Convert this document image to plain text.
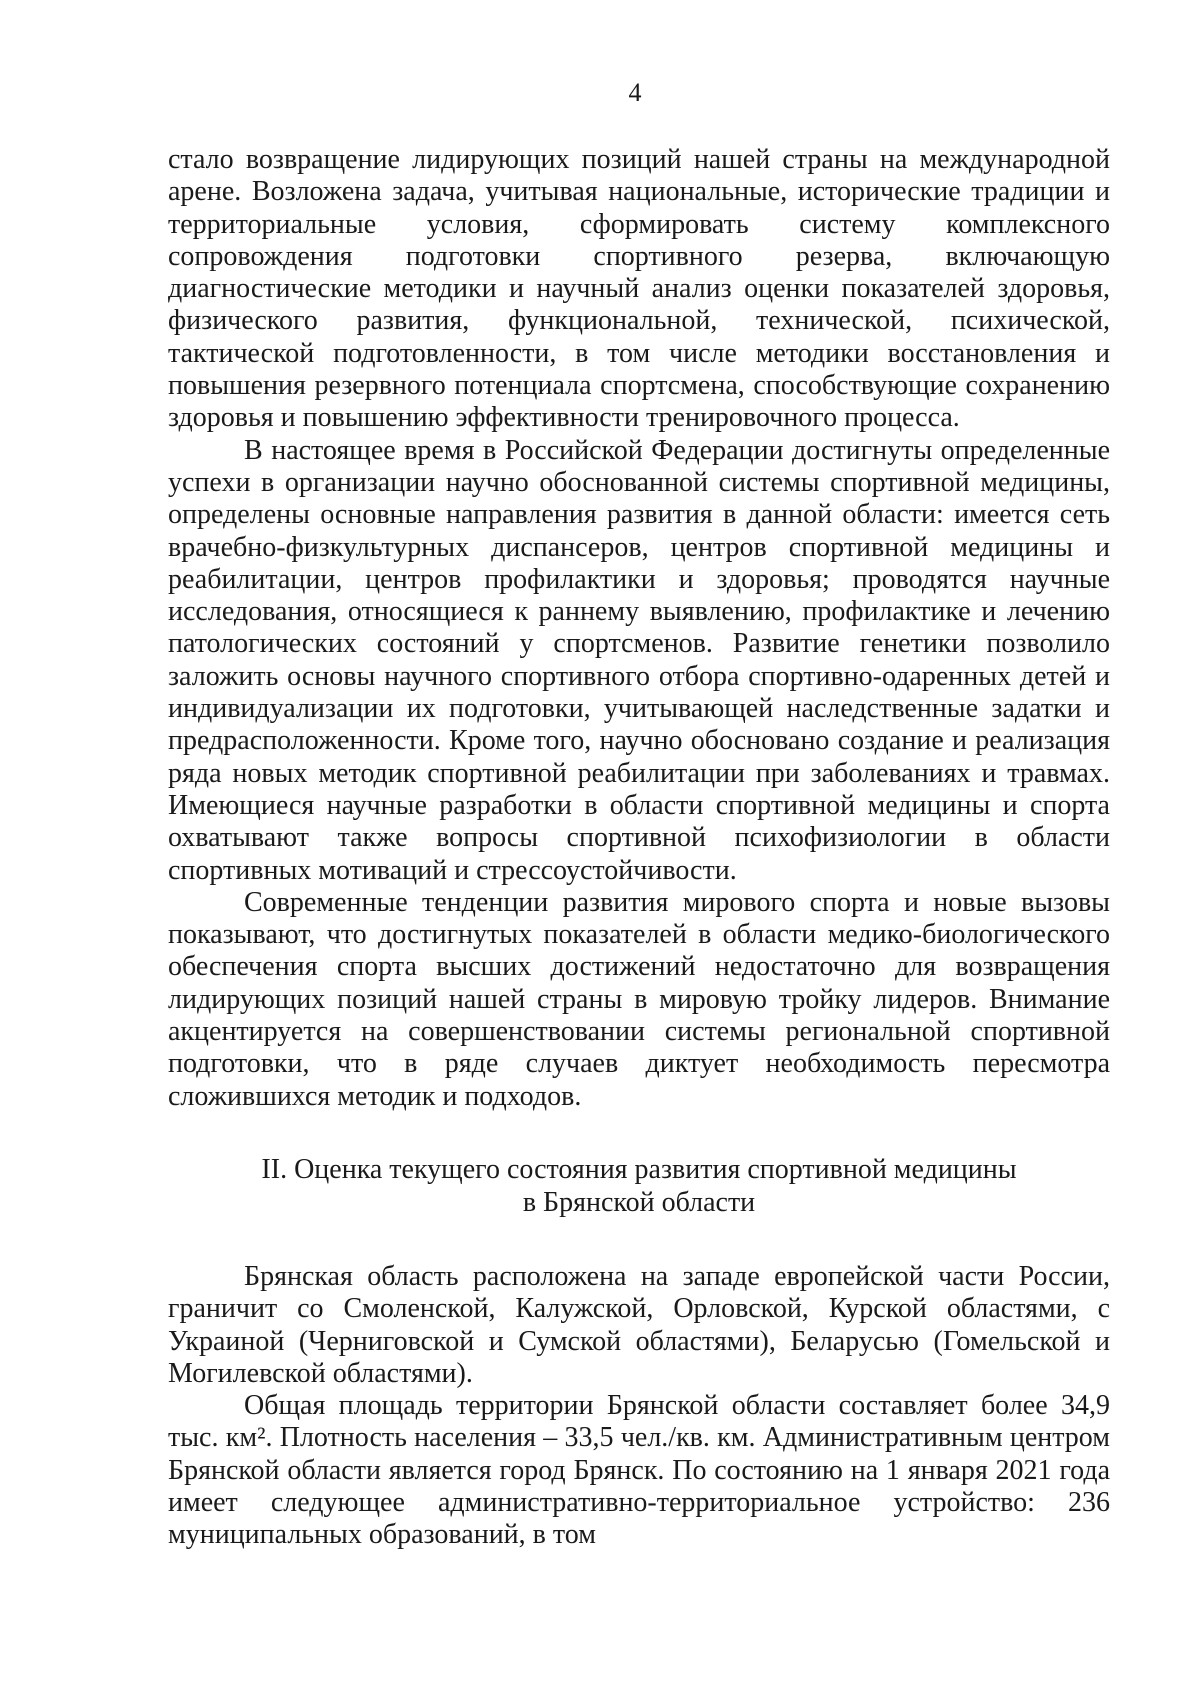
4

стало возвращение лидирующих позиций нашей страны на международной арене. Возложена задача, учитывая национальные, исторические традиции и территориальные условия, сформировать систему комплексного сопровождения подготовки спортивного резерва, включающую диагностические методики и научный анализ оценки показателей здоровья, физического развития, функциональной, технической, психической, тактической подготовленности, в том числе методики восстановления и повышения резервного потенциала спортсмена, способствующие сохранению здоровья и повышению эффективности тренировочного процесса.

В настоящее время в Российской Федерации достигнуты определенные успехи в организации научно обоснованной системы спортивной медицины, определены основные направления развития в данной области: имеется сеть врачебно-физкультурных диспансеров, центров спортивной медицины и реабилитации, центров профилактики и здоровья; проводятся научные исследования, относящиеся к раннему выявлению, профилактике и лечению патологических состояний у спортсменов. Развитие генетики позволило заложить основы научного спортивного отбора спортивно-одаренных детей и индивидуализации их подготовки, учитывающей наследственные задатки и предрасположенности. Кроме того, научно обосновано создание и реализация ряда новых методик спортивной реабилитации при заболеваниях и травмах. Имеющиеся научные разработки в области спортивной медицины и спорта охватывают также вопросы спортивной психофизиологии в области спортивных мотиваций и стрессоустойчивости.

Современные тенденции развития мирового спорта и новые вызовы показывают, что достигнутых показателей в области медико-биологического обеспечения спорта высших достижений недостаточно для возвращения лидирующих позиций нашей страны в мировую тройку лидеров. Внимание акцентируется на совершенствовании системы региональной спортивной подготовки, что в ряде случаев диктует необходимость пересмотра сложившихся методик и подходов.

II. Оценка текущего состояния развития спортивной медицины
в Брянской области

Брянская область расположена на западе европейской части России, граничит со Смоленской, Калужской, Орловской, Курской областями, с Украиной (Черниговской и Сумской областями), Беларусью (Гомельской и Могилевской областями).

Общая площадь территории Брянской области составляет более 34,9 тыс. км². Плотность населения – 33,5 чел./кв. км. Административным центром Брянской области является город Брянск. По состоянию на 1 января 2021 года имеет следующее административно-территориальное устройство: 236 муниципальных образований, в том
